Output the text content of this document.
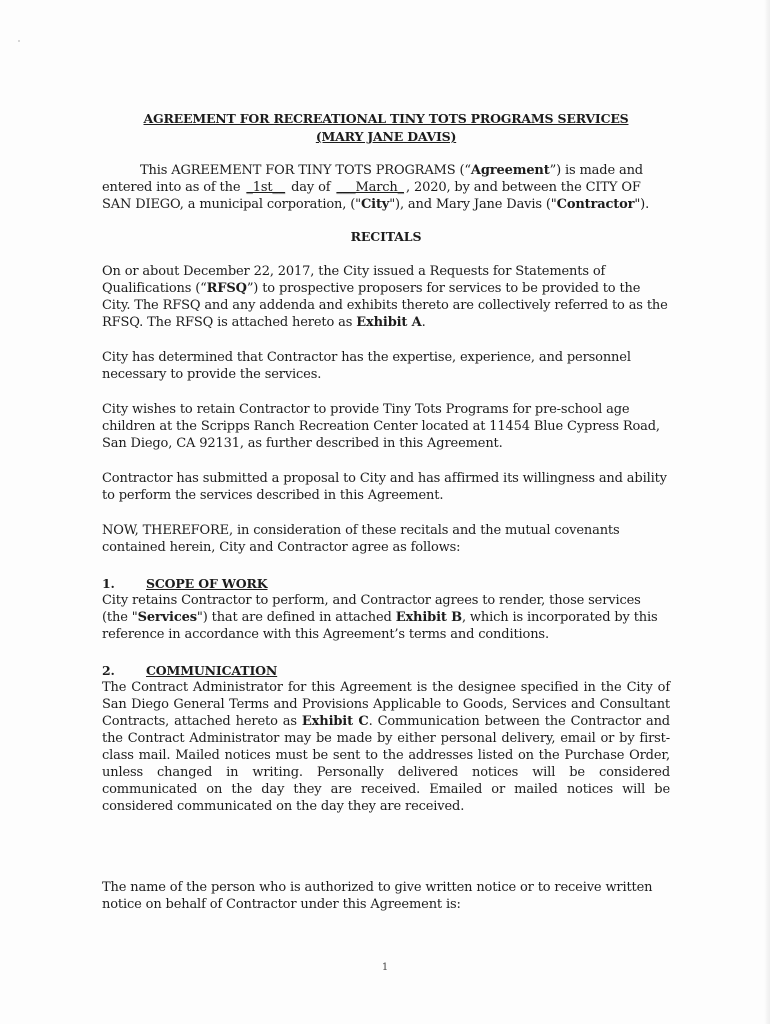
AGREEMENT FOR RECREATIONAL TINY TOTS PROGRAMS SERVICES
(MARY JANE DAVIS)

This AGREEMENT FOR TINY TOTS PROGRAMS (“Agreement”) is made and entered into as of the _1st__ day of ___March_ , 2020, by and between the CITY OF SAN DIEGO, a municipal corporation, ("City"), and Mary Jane Davis ("Contractor").

RECITALS

On or about December 22, 2017, the City issued a Requests for Statements of Qualifications (“RFSQ”) to prospective proposers for services to be provided to the City. The RFSQ and any addenda and exhibits thereto are collectively referred to as the RFSQ. The RFSQ is attached hereto as Exhibit A.

City has determined that Contractor has the expertise, experience, and personnel necessary to provide the services.

City wishes to retain Contractor to provide Tiny Tots Programs for pre-school age children at the Scripps Ranch Recreation Center located at 11454 Blue Cypress Road, San Diego, CA 92131, as further described in this Agreement.

Contractor has submitted a proposal to City and has affirmed its willingness and ability to perform the services described in this Agreement.

NOW, THEREFORE, in consideration of these recitals and the mutual covenants contained herein, City and Contractor agree as follows:

1.	SCOPE OF WORK

City retains Contractor to perform, and Contractor agrees to render, those services (the "Services") that are defined in attached Exhibit B, which is incorporated by this reference in accordance with this Agreement’s terms and conditions.

2.	COMMUNICATION

The Contract Administrator for this Agreement is the designee specified in the City of San Diego General Terms and Provisions Applicable to Goods, Services and Consultant Contracts, attached hereto as Exhibit C. Communication between the Contractor and the Contract Administrator may be made by either personal delivery, email or by first-class mail. Mailed notices must be sent to the addresses listed on the Purchase Order, unless changed in writing. Personally delivered notices will be considered communicated on the day they are received. Emailed or mailed notices will be considered communicated on the day they are received.

The name of the person who is authorized to give written notice or to receive written notice on behalf of Contractor under this Agreement is:

1
